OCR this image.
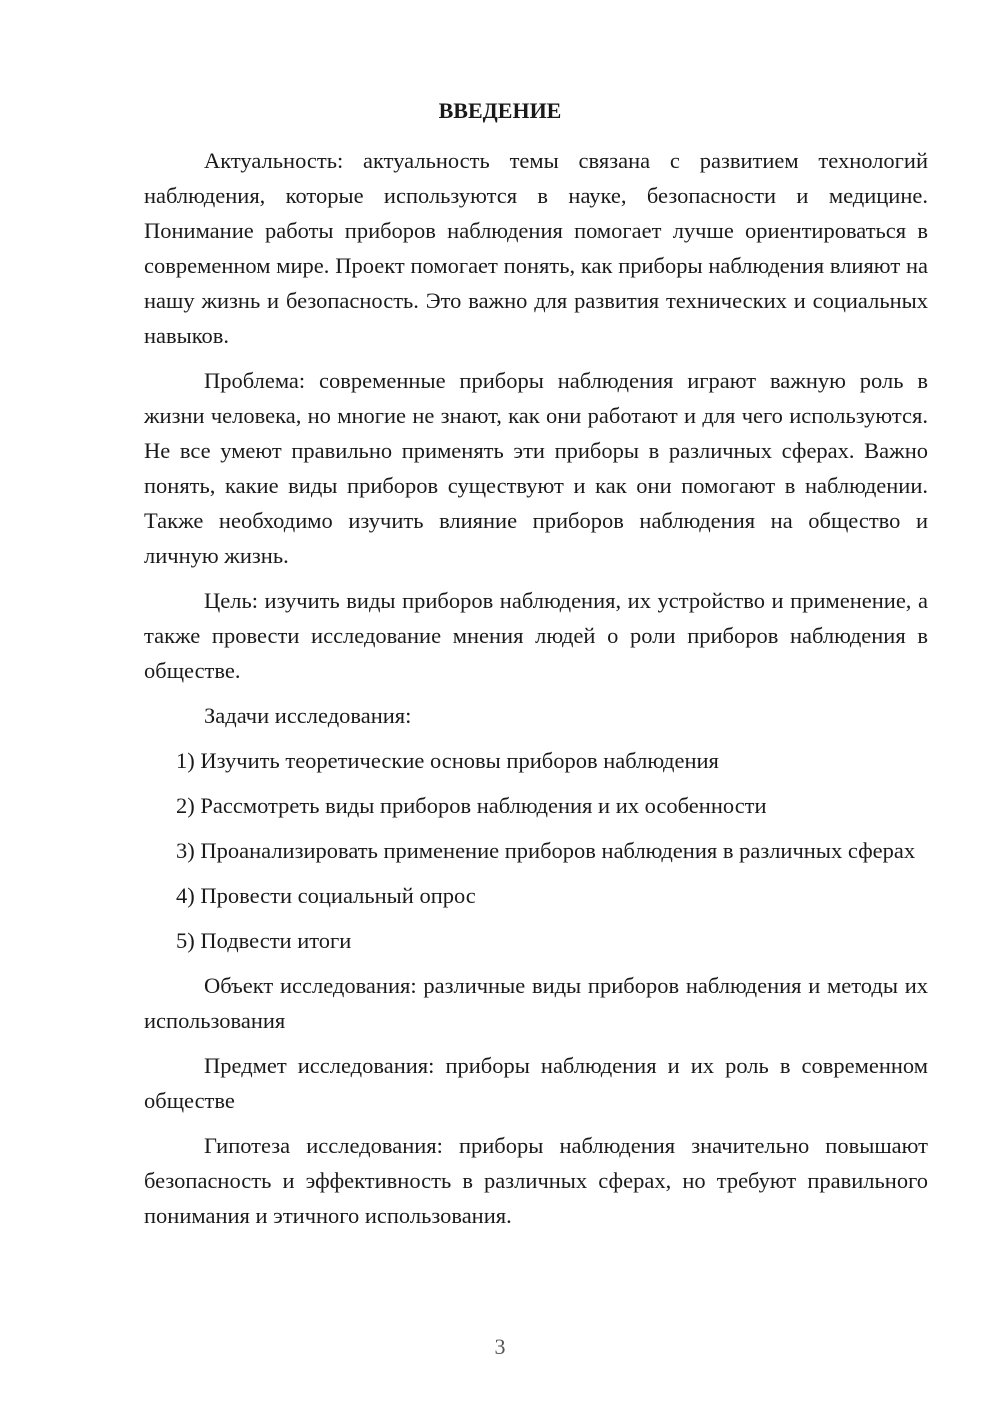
ВВЕДЕНИЕ

Актуальность: актуальность темы связана с развитием технологий наблюдения, которые используются в науке, безопасности и медицине. Понимание работы приборов наблюдения помогает лучше ориентироваться в современном мире. Проект помогает понять, как приборы наблюдения влияют на нашу жизнь и безопасность. Это важно для развития технических и социальных навыков.

Проблема: современные приборы наблюдения играют важную роль в жизни человека, но многие не знают, как они работают и для чего используются. Не все умеют правильно применять эти приборы в различных сферах. Важно понять, какие виды приборов существуют и как они помогают в наблюдении. Также необходимо изучить влияние приборов наблюдения на общество и личную жизнь.

Цель: изучить виды приборов наблюдения, их устройство и применение, а также провести исследование мнения людей о роли приборов наблюдения в обществе.

Задачи исследования:

1) Изучить теоретические основы приборов наблюдения

2) Рассмотреть виды приборов наблюдения и их особенности

3) Проанализировать применение приборов наблюдения в различных сферах

4) Провести социальный опрос

5) Подвести итоги

Объект исследования: различные виды приборов наблюдения и методы их использования

Предмет исследования: приборы наблюдения и их роль в современном обществе

Гипотеза исследования: приборы наблюдения значительно повышают безопасность и эффективность в различных сферах, но требуют правильного понимания и этичного использования.

3
